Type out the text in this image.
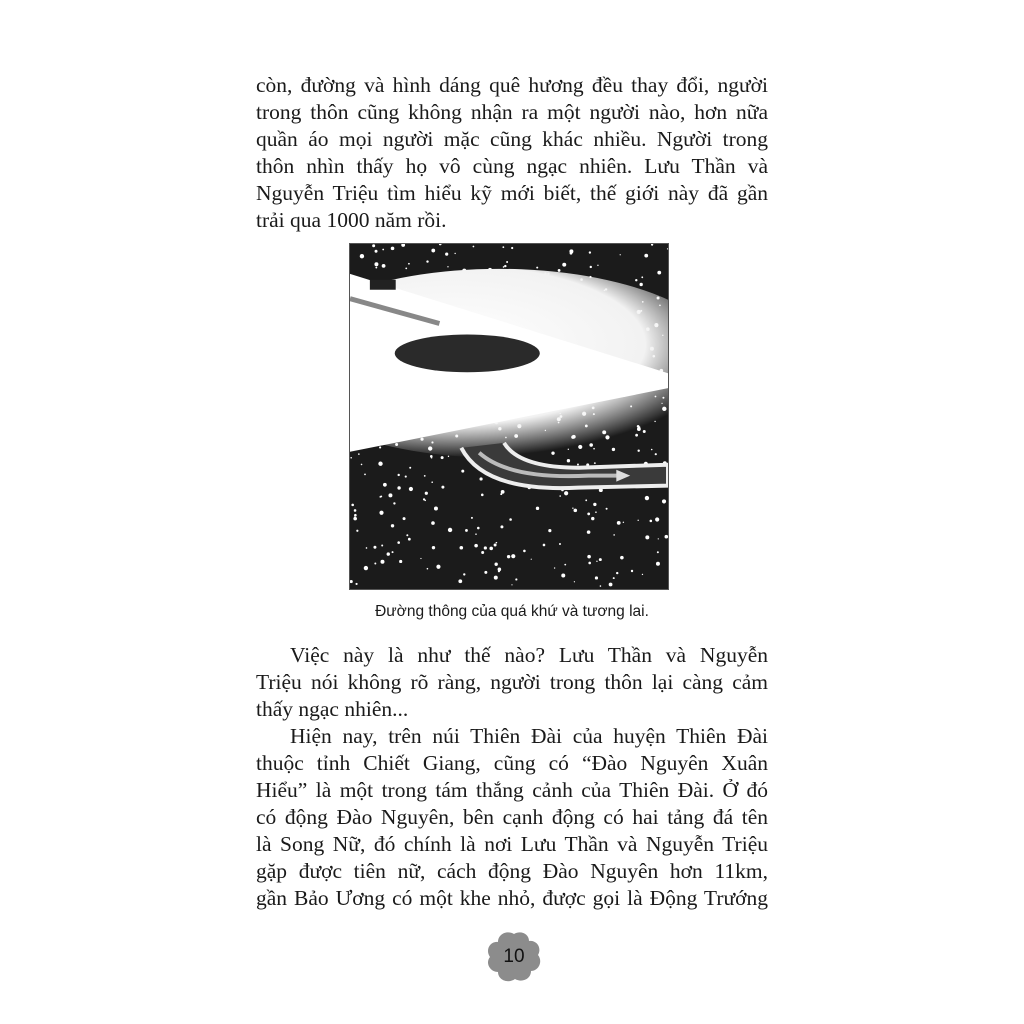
còn, đường và hình dáng quê hương đều thay đổi, người
trong thôn cũng không nhận ra một người nào, hơn nữa
quần áo mọi người mặc cũng khác nhiều. Người trong
thôn nhìn thấy họ vô cùng ngạc nhiên. Lưu Thần và
Nguyễn Triệu tìm hiểu kỹ mới biết, thế giới này đã gần
trải qua 1000 năm rồi.
Đường thông của quá khứ và tương lai.
Việc này là như thế nào? Lưu Thần và Nguyễn
Triệu nói không rõ ràng, người trong thôn lại càng cảm
thấy ngạc nhiên...
Hiện nay, trên núi Thiên Đài của huyện Thiên Đài
thuộc tỉnh Chiết Giang, cũng có “Đào Nguyên Xuân
Hiểu” là một trong tám thắng cảnh của Thiên Đài. Ở đó
có động Đào Nguyên, bên cạnh động có hai tảng đá tên
là Song Nữ, đó chính là nơi Lưu Thần và Nguyễn Triệu
gặp được tiên nữ, cách động Đào Nguyên hơn 11km,
gần Bảo Ương có một khe nhỏ, được gọi là Động Trướng
10
